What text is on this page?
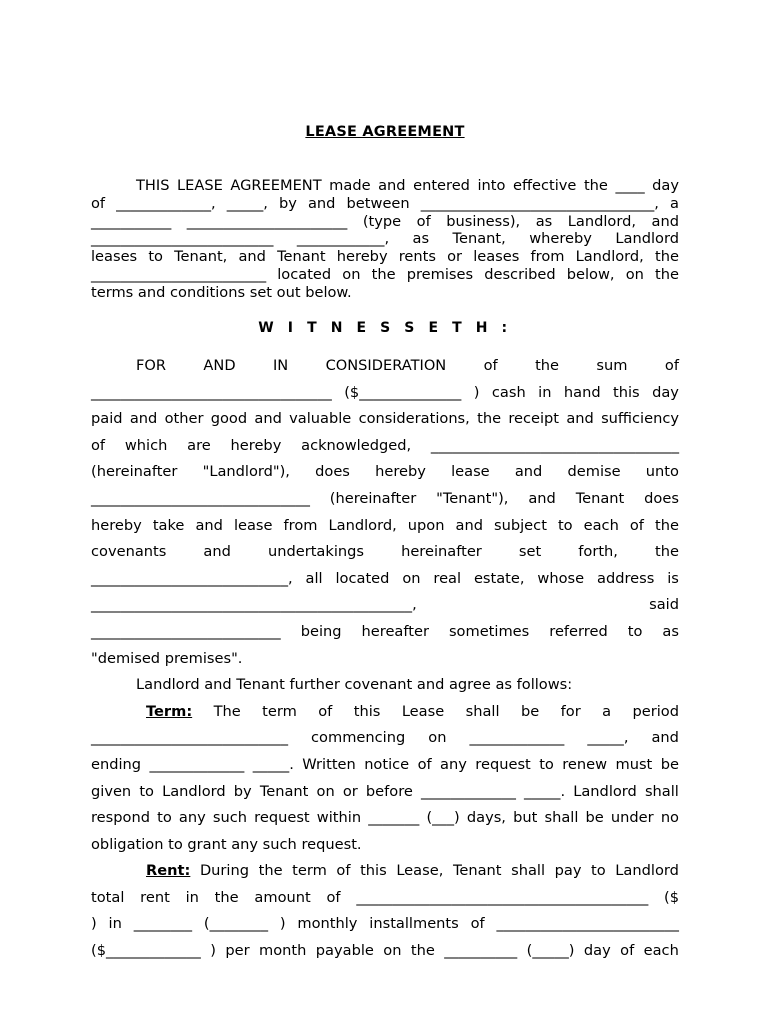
LEASE AGREEMENT
THIS LEASE AGREEMENT made and entered into effective the ____ day
of _____________, _____, by and between ________________________________, a
___________ ______________________ (type of business), as Landlord, and
_________________________ ____________, as Tenant, whereby Landlord
leases to Tenant, and Tenant hereby rents or leases from Landlord, the
________________________ located on the premises described below, on the
terms and conditions set out below.
W I T N E S S E T H :
FOR	AND	IN	CONSIDERATION	of	the	sum	of
_________________________________ ($______________ ) cash in hand this day
paid and other good and valuable considerations, the receipt and sufficiency
of which are hereby acknowledged, __________________________________
(hereinafter "Landlord"), does hereby lease and demise unto
______________________________ (hereinafter "Tenant"), and Tenant does
hereby take and lease from Landlord, upon and subject to each of the
covenants	and	undertakings	hereinafter	set	forth,	the
___________________________, all located on real estate, whose address is
____________________________________________,	said
__________________________ being hereafter sometimes referred to as
"demised premises".
Landlord and Tenant further covenant and agree as follows:
Term: The term of this Lease shall be for a period
___________________________ commencing on _____________ _____, and
ending _____________ _____. Written notice of any request to renew must be
given to Landlord by Tenant on or before _____________ _____. Landlord shall
respond to any such request within _______ (___) days, but shall be under no
obligation to grant any such request.
Rent: During the term of this Lease, Tenant shall pay to Landlord
total rent in the amount of ________________________________________ ($
) in ________ (________ ) monthly installments of _________________________
($_____________ ) per month payable on the __________ (_____) day of each
